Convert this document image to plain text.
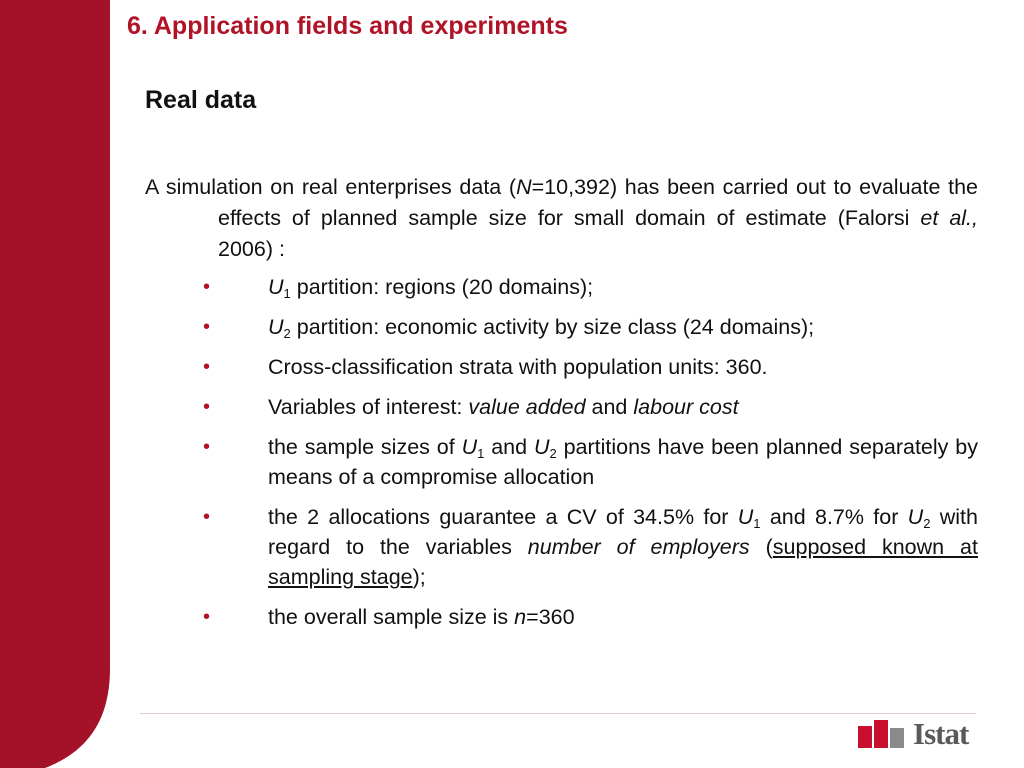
6. Application fields and experiments
Real data
A simulation on real enterprises data (N=10,392) has been carried out to evaluate the effects of planned sample size for small domain of estimate (Falorsi et al., 2006) :
•	$U_1$ partition: regions (20 domains);
•	$U_2$ partition: economic activity by size class (24 domains);
•	Cross-classification strata with population units: 360.
•	Variables of interest: value added and labour cost
•	the sample sizes of $U_1$ and $U_2$ partitions have been planned separately by means of a compromise allocation
•	the 2 allocations guarantee a CV of 34.5% for $U_1$ and 8.7% for $U_2$ with regard to the variables number of employers (supposed known at sampling stage);
•	the overall sample size is n=360
Istat
